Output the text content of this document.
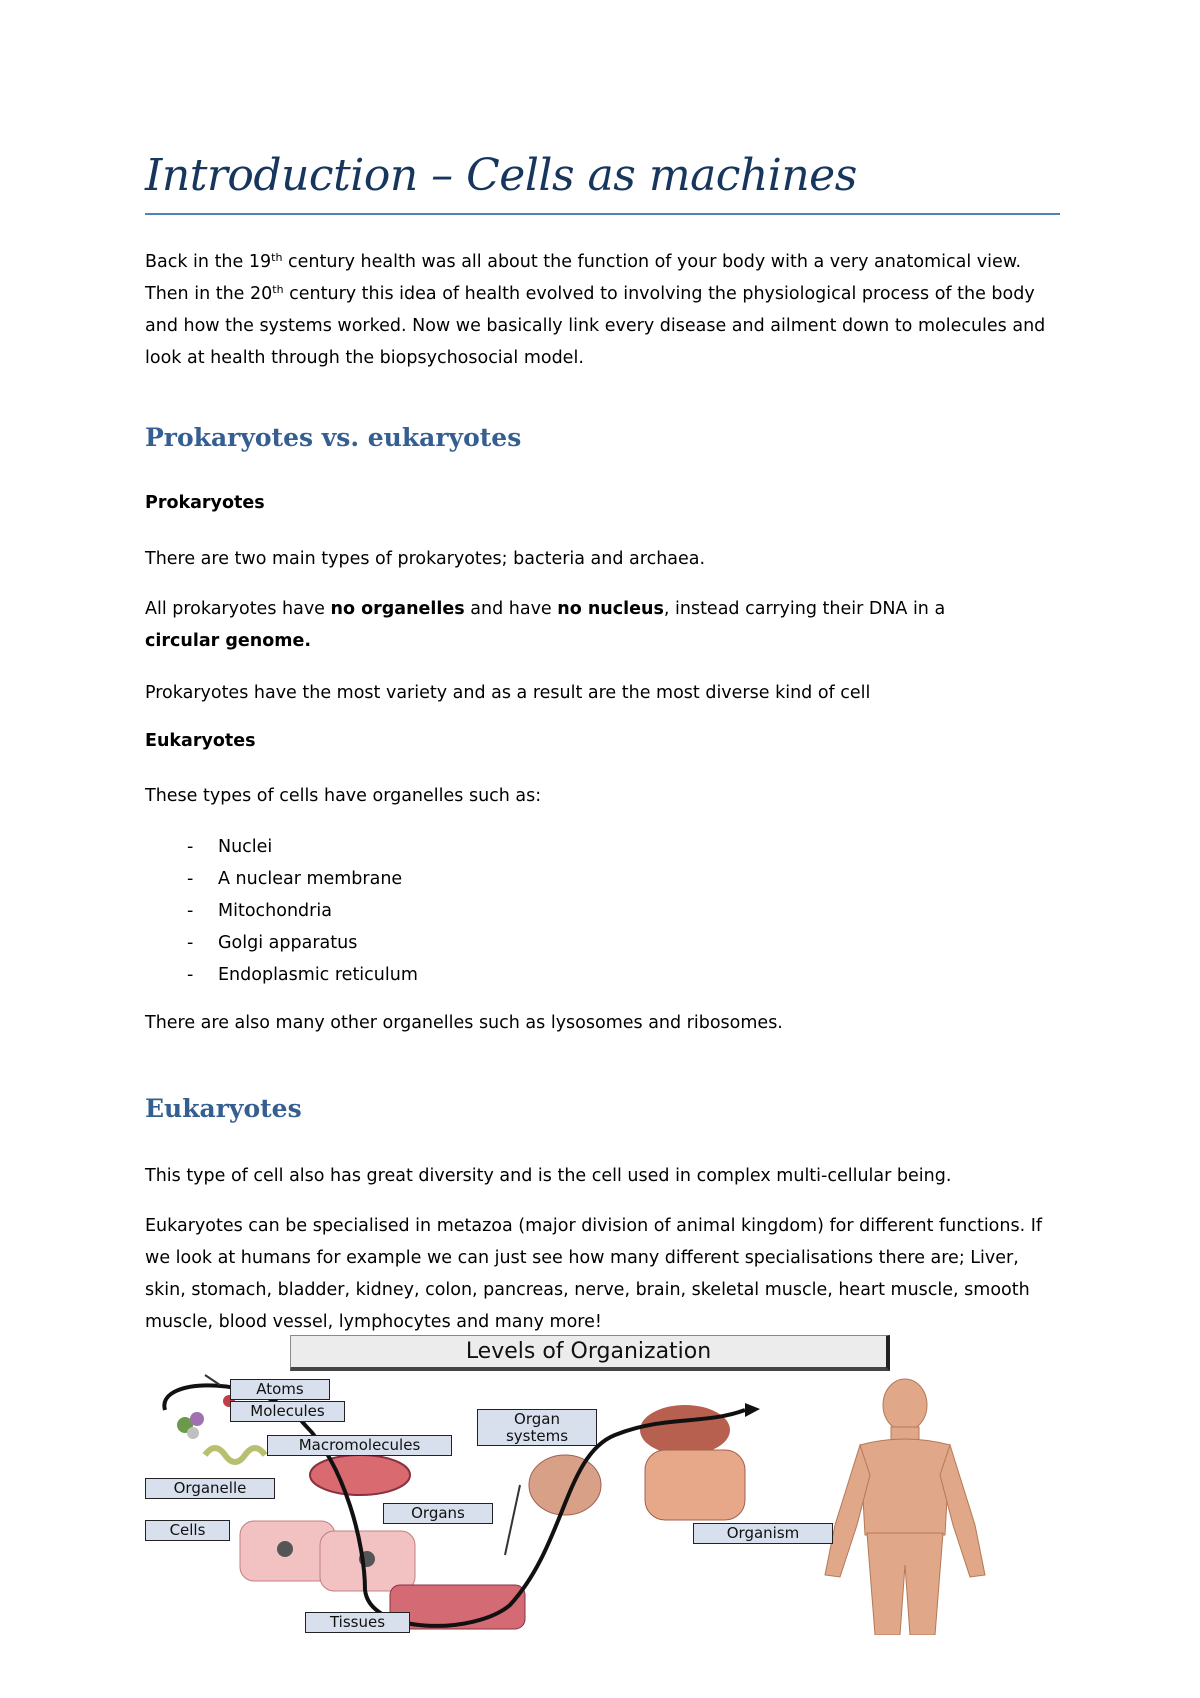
Introduction – Cells as machines

Back in the 19th century health was all about the function of your body with a very anatomical view. Then in the 20th century this idea of health evolved to involving the physiological process of the body and how the systems worked. Now we basically link every disease and ailment down to molecules and look at health through the biopsychosocial model.

Prokaryotes vs. eukaryotes
Prokaryotes

There are two main types of prokaryotes; bacteria and archaea.

All prokaryotes have no organelles and have no nucleus, instead carrying their DNA in a circular genome.

Prokaryotes have the most variety and as a result are the most diverse kind of cell

Eukaryotes

These types of cells have organelles such as:

- Nuclei
- A nuclear membrane
- Mitochondria
- Golgi apparatus
- Endoplasmic reticulum

There are also many other organelles such as lysosomes and ribosomes.

Eukaryotes

This type of cell also has great diversity and is the cell used in complex multi-cellular being.

Eukaryotes can be specialised in metazoa (major division of animal kingdom) for different functions. If we look at humans for example we can just see how many different specialisations there are; Liver, skin, stomach, bladder, kidney, colon, pancreas, nerve, brain, skeletal muscle, heart muscle, smooth muscle, blood vessel, lymphocytes and many more!

Levels of Organization
Atoms
Molecules
Macromolecules
Organelle
Cells
Tissues
Organs
Organ systems
Organism
